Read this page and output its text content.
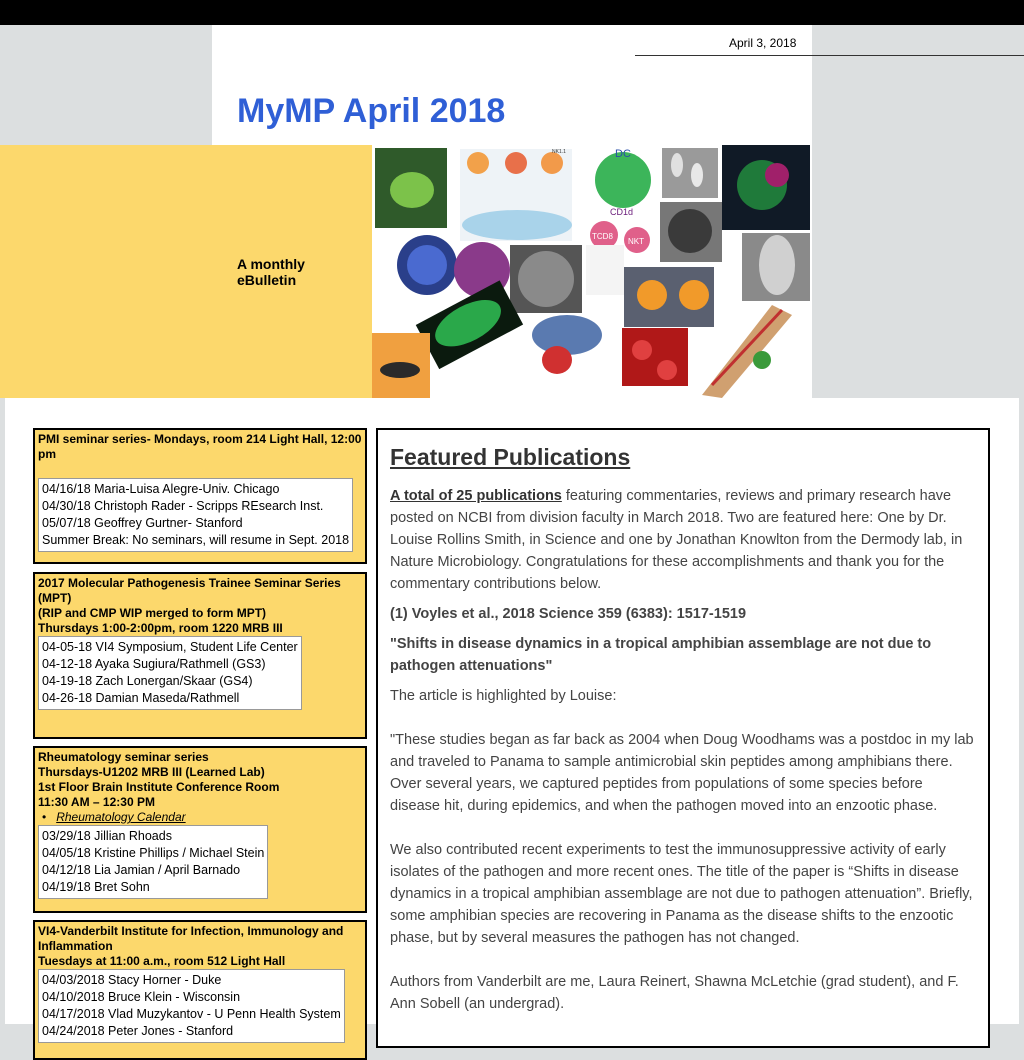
April 3, 2018
MyMP April 2018
A monthly
eBulletin
DC
NK1.1
CD1d
TCD8
NKT
PMI seminar series- Mondays, room 214 Light Hall, 12:00 pm
04/16/18 Maria-Luisa Alegre-Univ. Chicago
04/30/18 Christoph Rader - Scripps REsearch Inst.
05/07/18 Geoffrey Gurtner- Stanford
Summer Break: No seminars, will resume in Sept. 2018
2017 Molecular Pathogenesis Trainee Seminar Series (MPT)
(RIP and CMP WIP merged to form MPT)
Thursdays 1:00-2:00pm, room 1220 MRB III
04-05-18 VI4 Symposium, Student Life Center
04-12-18 Ayaka Sugiura/Rathmell (GS3)
04-19-18 Zach Lonergan/Skaar (GS4)
04-26-18 Damian Maseda/Rathmell
Rheumatology seminar series
Thursdays-U1202 MRB III (Learned Lab)
1st Floor Brain Institute Conference Room
11:30 AM – 12:30 PM
• Rheumatology Calendar
03/29/18 Jillian Rhoads
04/05/18 Kristine Phillips / Michael Stein
04/12/18 Lia Jamian / April Barnado
04/19/18 Bret Sohn
VI4-Vanderbilt Institute for Infection, Immunology and Inflammation
Tuesdays at 11:00 a.m., room 512 Light Hall
04/03/2018 Stacy Horner - Duke
04/10/2018 Bruce Klein - Wisconsin
04/17/2018 Vlad Muzykantov - U Penn Health System
04/24/2018 Peter Jones - Stanford
Featured Publications

A total of 25 publications featuring commentaries, reviews and primary research have posted on NCBI from division faculty in March 2018. Two are featured here: One by Dr. Louise Rollins Smith, in Science and one by Jonathan Knowlton from the Dermody lab, in Nature Microbiology. Congratulations for these accomplishments and thank you for the commentary contributions below.

(1) Voyles et al., 2018 Science 359 (6383): 1517-1519

"Shifts in disease dynamics in a tropical amphibian assemblage are not due to pathogen attenuations"

The article is highlighted by Louise:

"These studies began as far back as 2004 when Doug Woodhams was a postdoc in my lab and traveled to Panama to sample antimicrobial skin peptides among amphibians there. Over several years, we captured peptides from populations of some species before disease hit, during epidemics, and when the pathogen moved into an enzootic phase.

We also contributed recent experiments to test the immunosuppressive activity of early isolates of the pathogen and more recent ones. The title of the paper is “Shifts in disease dynamics in a tropical amphibian assemblage are not due to pathogen attenuation”. Briefly, some amphibian species are recovering in Panama as the disease shifts to the enzootic phase, but by several measures the pathogen has not changed.

Authors from Vanderbilt are me, Laura Reinert, Shawna McLetchie (grad student), and F. Ann Sobell (an undergrad).
